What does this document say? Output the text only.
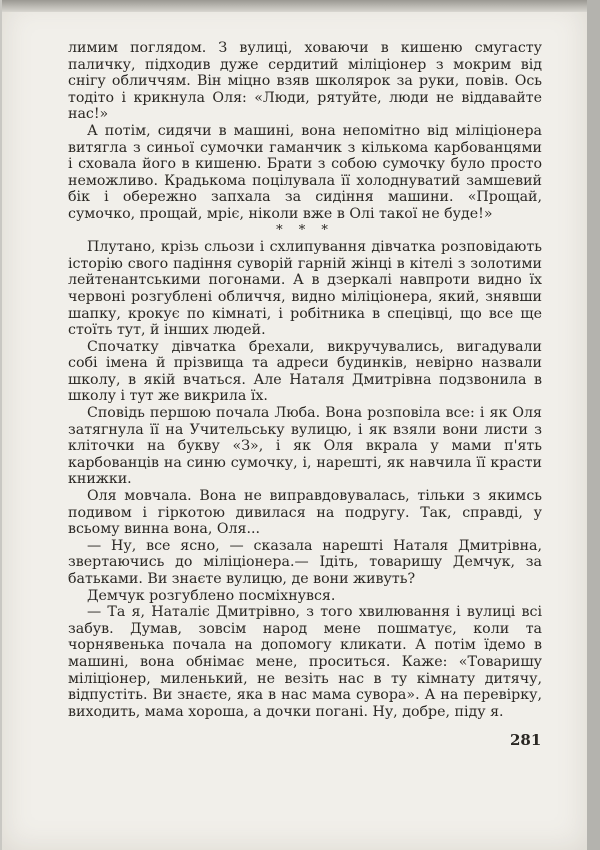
лимим поглядом. З вулиці, ховаючи в кишеню смугасту паличку, підходив дуже сердитий міліціонер з мокрим від снігу обличчям. Він міцно взяв школярок за руки, повів. Ось тодіто і крикнула Оля: «Люди, рятуйте, люди не віддавайте нас!»

А потім, сидячи в машині, вона непомітно від міліціонера витягла з синьої сумочки гаманчик з кількома карбованцями і сховала його в кишеню. Брати з собою сумочку було просто неможливо. Крадькома поцілувала її холоднуватий замшевий бік і обережно запхала за сидіння машини. «Прощай, сумочко, прощай, мріє, ніколи вже в Олі такої не буде!»

* * *

Плутано, крізь сльози і схлипування дівчатка розповідають історію свого падіння суворій гарній жінці в кітелі з золотими лейтенантськими погонами. А в дзеркалі навпроти видно їх червоні розгублені обличчя, видно міліціонера, який, знявши шапку, крокує по кімнаті, і робітника в спецівці, що все ще стоїть тут, й інших людей.

Спочатку дівчатка брехали, викручувались, вигадували собі імена й прізвища та адреси будинків, невірно назвали школу, в якій вчаться. Але Наталя Дмитрівна подзвонила в школу і тут же викрила їх.

Сповідь першою почала Люба. Вона розповіла все: і як Оля затягнула її на Учительську вулицю, і як взяли вони листи з кліточки на букву «З», і як Оля вкрала у мами п'ять карбованців на синю сумочку, і, нарешті, як навчила її красти книжки.

Оля мовчала. Вона не виправдовувалась, тільки з якимсь подивом і гіркотою дивилася на подругу. Так, справді, у всьому винна вона, Оля...

— Ну, все ясно, — сказала нарешті Наталя Дмитрівна, звертаючись до міліціонера.— Ідіть, товаришу Демчук, за батьками. Ви знаєте вулицю, де вони живуть?

Демчук розгублено посміхнувся.

— Та я, Наталіє Дмитрівно, з того хвилювання і вулиці всі забув. Думав, зовсім народ мене пошматує, коли та чорнявенька почала на допомогу кликати. А потім їдемо в машині, вона обнімає мене, проситься. Каже: «Товаришу міліціонер, миленький, не везіть нас в ту кімнату дитячу, відпустіть. Ви знаєте, яка в нас мама сувора». А на перевірку, виходить, мама хороша, а дочки погані. Ну, добре, піду я.

281
